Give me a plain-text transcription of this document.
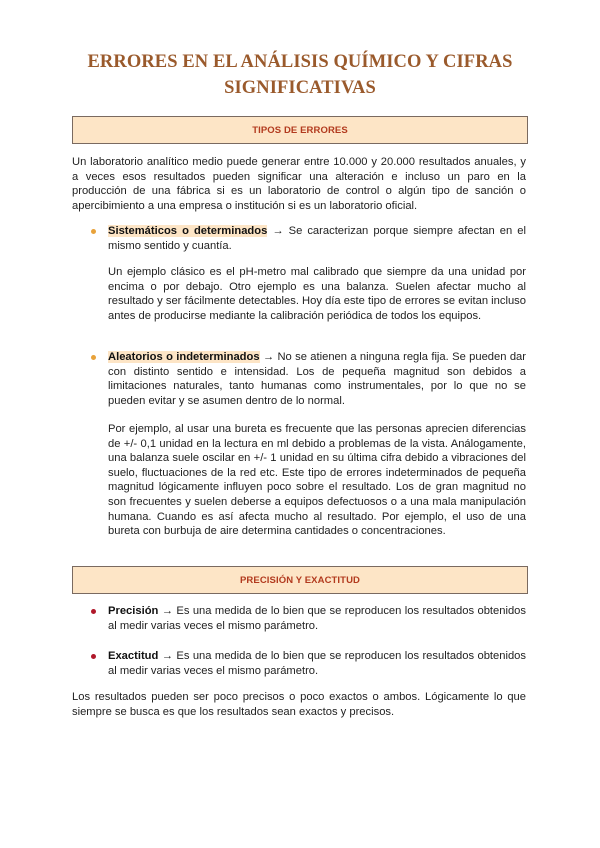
ERRORES EN EL ANÁLISIS QUÍMICO Y CIFRAS SIGNIFICATIVAS
TIPOS DE ERRORES

Un laboratorio analítico medio puede generar entre 10.000 y 20.000 resultados anuales, y a veces esos resultados pueden significar una alteración e incluso un paro en la producción de una fábrica si es un laboratorio de control o algún tipo de sanción o apercibimiento a una empresa o institución si es un laboratorio oficial.

Sistemáticos o determinados → Se caracterizan porque siempre afectan en el mismo sentido y cuantía.

Un ejemplo clásico es el pH-metro mal calibrado que siempre da una unidad por encima o por debajo. Otro ejemplo es una balanza. Suelen afectar mucho al resultado y ser fácilmente detectables. Hoy día este tipo de errores se evitan incluso antes de producirse mediante la calibración periódica de todos los equipos.

Aleatorios o indeterminados → No se atienen a ninguna regla fija. Se pueden dar con distinto sentido e intensidad. Los de pequeña magnitud son debidos a limitaciones naturales, tanto humanas como instrumentales, por lo que no se pueden evitar y se asumen dentro de lo normal.

Por ejemplo, al usar una bureta es frecuente que las personas aprecien diferencias de +/- 0,1 unidad en la lectura en ml debido a problemas de la vista. Análogamente, una balanza suele oscilar en +/- 1 unidad en su última cifra debido a vibraciones del suelo, fluctuaciones de la red etc. Este tipo de errores indeterminados de pequeña magnitud lógicamente influyen poco sobre el resultado. Los de gran magnitud no son frecuentes y suelen deberse a equipos defectuosos o a una mala manipulación humana. Cuando es así afecta mucho al resultado. Por ejemplo, el uso de una bureta con burbuja de aire determina cantidades o concentraciones.

PRECISIÓN Y EXACTITUD

Precisión → Es una medida de lo bien que se reproducen los resultados obtenidos al medir varias veces el mismo parámetro.

Exactitud → Es una medida de lo bien que se reproducen los resultados obtenidos al medir varias veces el mismo parámetro.

Los resultados pueden ser poco precisos o poco exactos o ambos. Lógicamente lo que siempre se busca es que los resultados sean exactos y precisos.
